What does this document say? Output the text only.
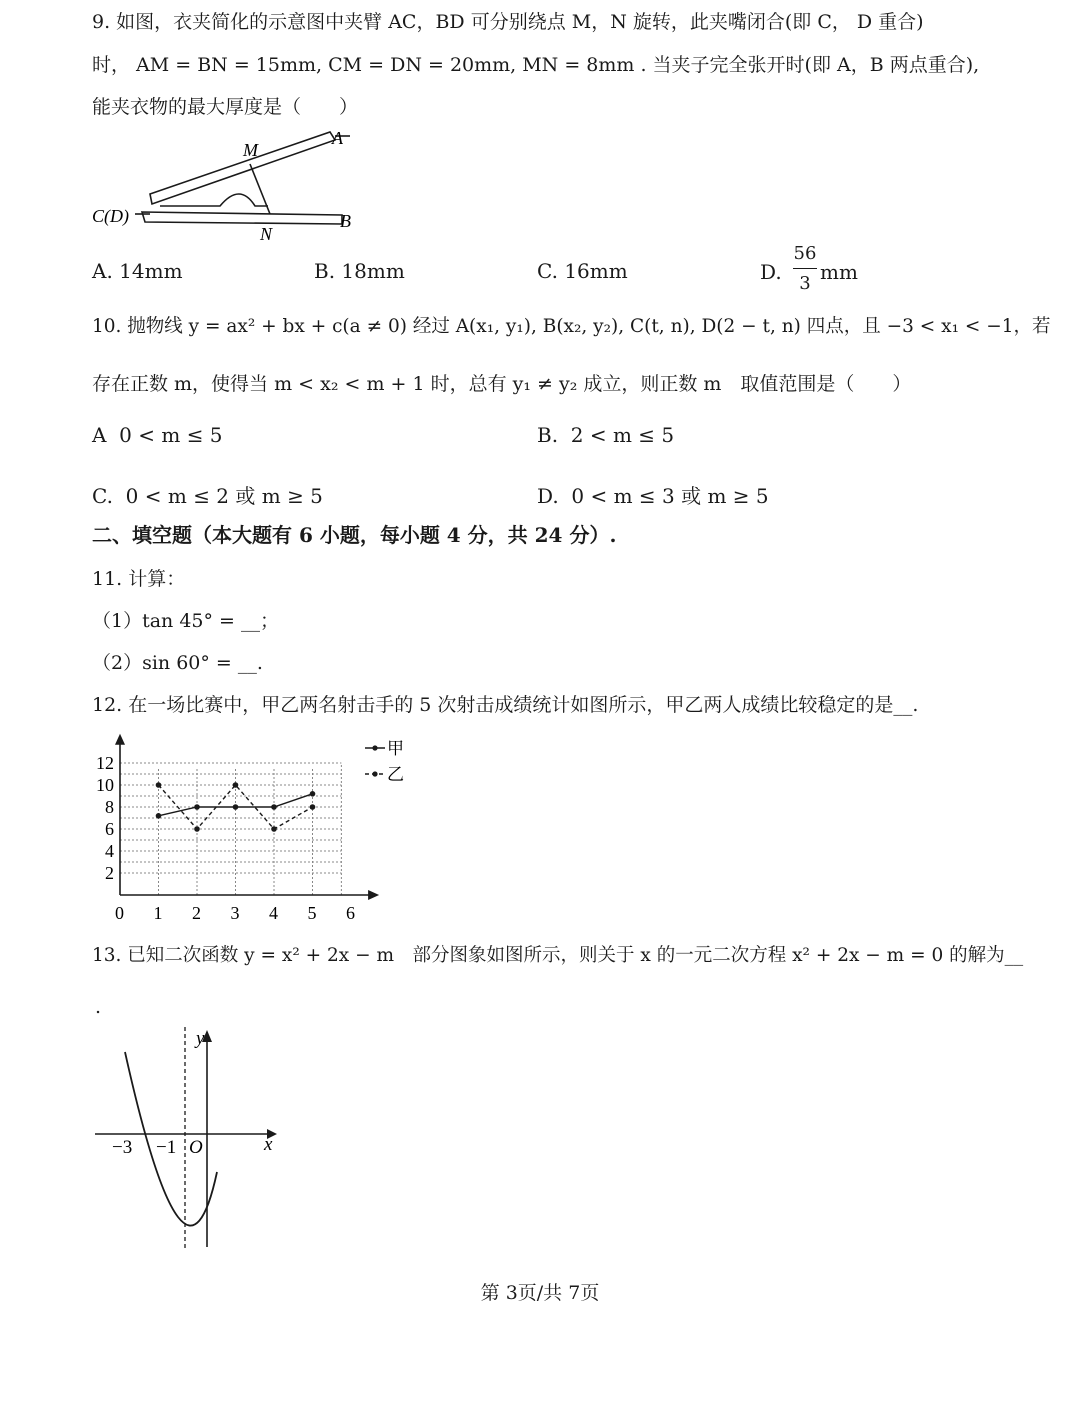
9. 如图，衣夹简化的示意图中夹臂 AC，BD 可分别绕点 M，N 旋转，此夹嘴闭合(即 C， D 重合)
时， AM = BN = 15mm, CM = DN = 20mm, MN = 8mm . 当夹子完全张开时(即 A，B 两点重合),
能夹衣物的最大厚度是（　　）
A
M
B
N
C(D)
A. 14mm	B. 18mm	C. 16mm	D.
56
3 mm
10. 抛物线 y = ax² + bx + c(a ≠ 0) 经过 A(x₁, y₁), B(x₂, y₂), C(t, n), D(2 − t, n) 四点，且 −3 < x₁ < −1，若
存在正数 m，使得当 m < x₂ < m + 1 时，总有 y₁ ≠ y₂ 成立，则正数 m　取值范围是（　　）
A 0 < m ≤ 5	B. 2 < m ≤ 5
C. 0 < m ≤ 2 或 m ≥ 5	D. 0 < m ≤ 3 或 m ≥ 5
二、填空题（本大题有 6 小题，每小题 4 分，共 24 分）.
11. 计算：
（1）tan 45° = __；
（2）sin 60° = __.
12. 在一场比赛中，甲乙两名射击手的 5 次射击成绩统计如图所示，甲乙两人成绩比较稳定的是__.
0 1 2 3 4 5 6
2
4
6
8
10
12
甲
乙
13. 已知二次函数 y = x² + 2x − m　部分图象如图所示，则关于 x 的一元二次方程 x² + 2x − m = 0 的解为__
.
y
x
−3 −1 O
第 3页/共 7页
